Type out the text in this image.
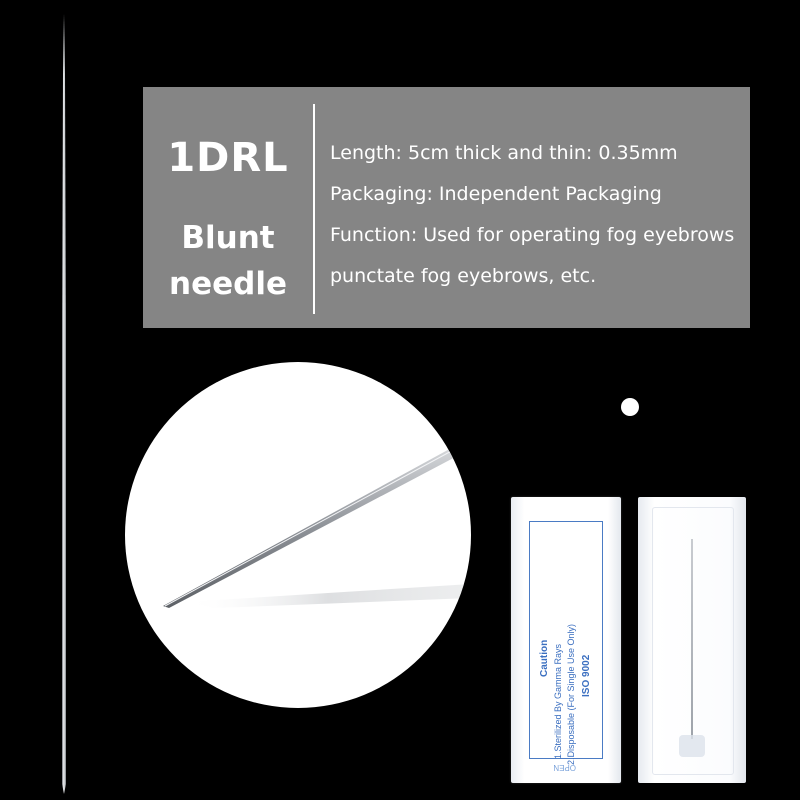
1DRL
Blunt
needle
Length: 5cm thick and thin: 0.35mm
Packaging: Independent Packaging
Function: Used for operating fog eyebrows
punctate fog eyebrows, etc.
Caution 1.Sterilized By Gamma Rays 2.Disposable (For Single Use Only) ISO 9002
OPEN
